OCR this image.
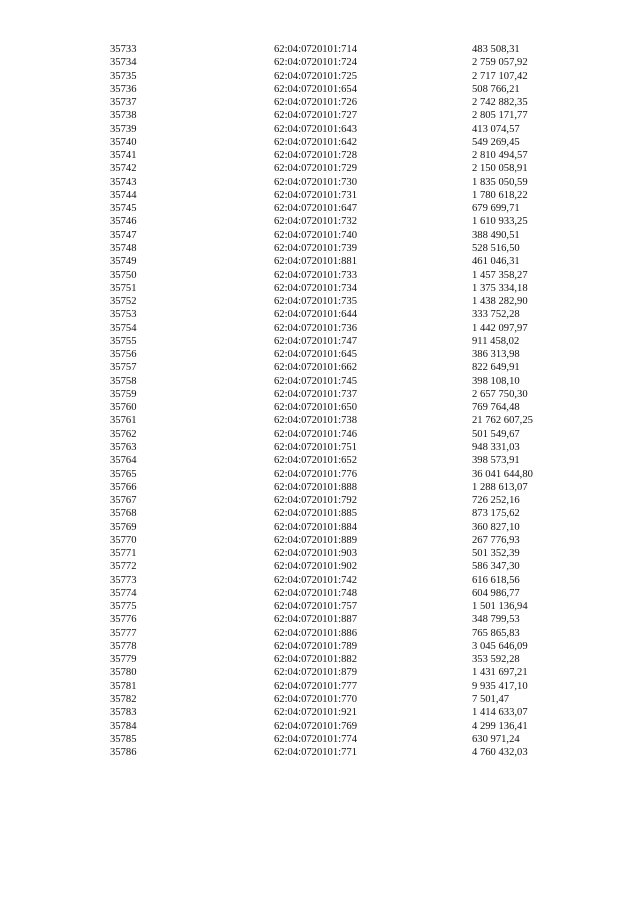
35733	62:04:0720101:714	483 508,31
35734	62:04:0720101:724	2 759 057,92
35735	62:04:0720101:725	2 717 107,42
35736	62:04:0720101:654	508 766,21
35737	62:04:0720101:726	2 742 882,35
35738	62:04:0720101:727	2 805 171,77
35739	62:04:0720101:643	413 074,57
35740	62:04:0720101:642	549 269,45
35741	62:04:0720101:728	2 810 494,57
35742	62:04:0720101:729	2 150 058,91
35743	62:04:0720101:730	1 835 050,59
35744	62:04:0720101:731	1 780 618,22
35745	62:04:0720101:647	679 699,71
35746	62:04:0720101:732	1 610 933,25
35747	62:04:0720101:740	388 490,51
35748	62:04:0720101:739	528 516,50
35749	62:04:0720101:881	461 046,31
35750	62:04:0720101:733	1 457 358,27
35751	62:04:0720101:734	1 375 334,18
35752	62:04:0720101:735	1 438 282,90
35753	62:04:0720101:644	333 752,28
35754	62:04:0720101:736	1 442 097,97
35755	62:04:0720101:747	911 458,02
35756	62:04:0720101:645	386 313,98
35757	62:04:0720101:662	822 649,91
35758	62:04:0720101:745	398 108,10
35759	62:04:0720101:737	2 657 750,30
35760	62:04:0720101:650	769 764,48
35761	62:04:0720101:738	21 762 607,25
35762	62:04:0720101:746	501 549,67
35763	62:04:0720101:751	948 331,03
35764	62:04:0720101:652	398 573,91
35765	62:04:0720101:776	36 041 644,80
35766	62:04:0720101:888	1 288 613,07
35767	62:04:0720101:792	726 252,16
35768	62:04:0720101:885	873 175,62
35769	62:04:0720101:884	360 827,10
35770	62:04:0720101:889	267 776,93
35771	62:04:0720101:903	501 352,39
35772	62:04:0720101:902	586 347,30
35773	62:04:0720101:742	616 618,56
35774	62:04:0720101:748	604 986,77
35775	62:04:0720101:757	1 501 136,94
35776	62:04:0720101:887	348 799,53
35777	62:04:0720101:886	765 865,83
35778	62:04:0720101:789	3 045 646,09
35779	62:04:0720101:882	353 592,28
35780	62:04:0720101:879	1 431 697,21
35781	62:04:0720101:777	9 935 417,10
35782	62:04:0720101:770	7 501,47
35783	62:04:0720101:921	1 414 633,07
35784	62:04:0720101:769	4 299 136,41
35785	62:04:0720101:774	630 971,24
35786	62:04:0720101:771	4 760 432,03
